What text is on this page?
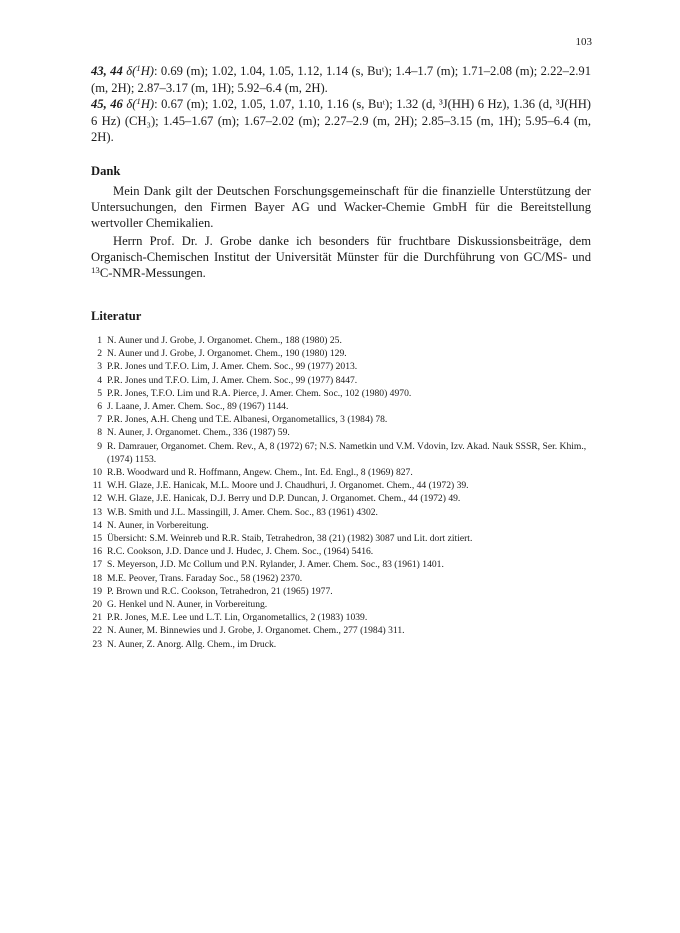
103

43, 44 δ($^1$H): 0.69 (m); 1.02, 1.04, 1.05, 1.12, 1.14 (s, Buᵗ); 1.4–1.7 (m); 1.71–2.08 (m); 2.22–2.91 (m, 2H); 2.87–3.17 (m, 1H); 5.92–6.4 (m, 2H).

45, 46 δ($^1$H): 0.67 (m); 1.02, 1.05, 1.07, 1.10, 1.16 (s, Buᵗ); 1.32 (d, ³J(HH) 6 Hz), 1.36 (d, ³J(HH) 6 Hz) (CH₃); 1.45–1.67 (m); 1.67–2.02 (m); 2.27–2.9 (m, 2H); 2.85–3.15 (m, 1H); 5.95–6.4 (m, 2H).

Dank

Mein Dank gilt der Deutschen Forschungsgemeinschaft für die finanzielle Unterstützung der Untersuchungen, den Firmen Bayer AG und Wacker-Chemie GmbH für die Bereitstellung wertvoller Chemikalien.

Herrn Prof. Dr. J. Grobe danke ich besonders für fruchtbare Diskussionsbeiträge, dem Organisch-Chemischen Institut der Universität Münster für die Durchführung von GC/MS- und $^{13}$C-NMR-Messungen.

Literatur
1 N. Auner und J. Grobe, J. Organomet. Chem., 188 (1980) 25.
2 N. Auner und J. Grobe, J. Organomet. Chem., 190 (1980) 129.
3 P.R. Jones und T.F.O. Lim, J. Amer. Chem. Soc., 99 (1977) 2013.
4 P.R. Jones und T.F.O. Lim, J. Amer. Chem. Soc., 99 (1977) 8447.
5 P.R. Jones, T.F.O. Lim und R.A. Pierce, J. Amer. Chem. Soc., 102 (1980) 4970.
6 J. Laane, J. Amer. Chem. Soc., 89 (1967) 1144.
7 P.R. Jones, A.H. Cheng und T.E. Albanesi, Organometallics, 3 (1984) 78.
8 N. Auner, J. Organomet. Chem., 336 (1987) 59.
9 R. Damrauer, Organomet. Chem. Rev., A, 8 (1972) 67; N.S. Nametkin und V.M. Vdovin, Izv. Akad. Nauk SSSR, Ser. Khim., (1974) 1153.
10 R.B. Woodward und R. Hoffmann, Angew. Chem., Int. Ed. Engl., 8 (1969) 827.
11 W.H. Glaze, J.E. Hanicak, M.L. Moore und J. Chaudhuri, J. Organomet. Chem., 44 (1972) 39.
12 W.H. Glaze, J.E. Hanicak, D.J. Berry und D.P. Duncan, J. Organomet. Chem., 44 (1972) 49.
13 W.B. Smith und J.L. Massingill, J. Amer. Chem. Soc., 83 (1961) 4302.
14 N. Auner, in Vorbereitung.
15 Übersicht: S.M. Weinreb und R.R. Staib, Tetrahedron, 38 (21) (1982) 3087 und Lit. dort zitiert.
16 R.C. Cookson, J.D. Dance und J. Hudec, J. Chem. Soc., (1964) 5416.
17 S. Meyerson, J.D. Mc Collum und P.N. Rylander, J. Amer. Chem. Soc., 83 (1961) 1401.
18 M.E. Peover, Trans. Faraday Soc., 58 (1962) 2370.
19 P. Brown und R.C. Cookson, Tetrahedron, 21 (1965) 1977.
20 G. Henkel und N. Auner, in Vorbereitung.
21 P.R. Jones, M.E. Lee und L.T. Lin, Organometallics, 2 (1983) 1039.
22 N. Auner, M. Binnewies und J. Grobe, J. Organomet. Chem., 277 (1984) 311.
23 N. Auner, Z. Anorg. Allg. Chem., im Druck.
